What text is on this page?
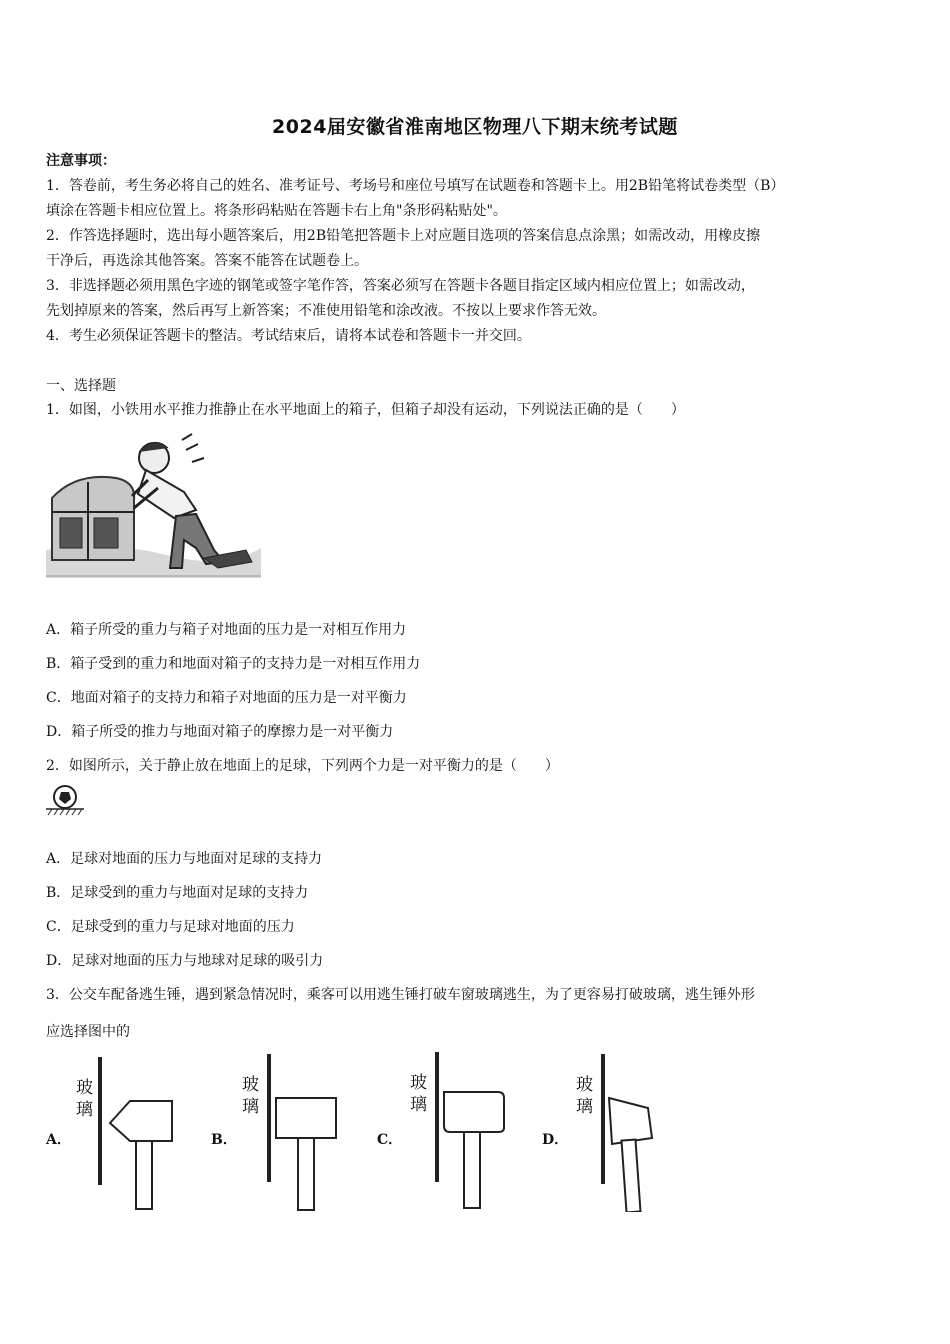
2024届安徽省淮南地区物理八下期末统考试题
注意事项：
1．答卷前，考生务必将自己的姓名、准考证号、考场号和座位号填写在试题卷和答题卡上。用2B铅笔将试卷类型（B）
填涂在答题卡相应位置上。将条形码粘贴在答题卡右上角"条形码粘贴处"。
2．作答选择题时，选出每小题答案后，用2B铅笔把答题卡上对应题目选项的答案信息点涂黑；如需改动，用橡皮擦
干净后，再选涂其他答案。答案不能答在试题卷上。
3．非选择题必须用黑色字迹的钢笔或签字笔作答，答案必须写在答题卡各题目指定区域内相应位置上；如需改动，
先划掉原来的答案，然后再写上新答案；不准使用铅笔和涂改液。不按以上要求作答无效。
4．考生必须保证答题卡的整洁。考试结束后，请将本试卷和答题卡一并交回。
一、选择题
1．如图，小铁用水平推力推静止在水平地面上的箱子，但箱子却没有运动，下列说法正确的是（　　）
A．箱子所受的重力与箱子对地面的压力是一对相互作用力
B．箱子受到的重力和地面对箱子的支持力是一对相互作用力
C．地面对箱子的支持力和箱子对地面的压力是一对平衡力
D．箱子所受的推力与地面对箱子的摩擦力是一对平衡力
2．如图所示，关于静止放在地面上的足球，下列两个力是一对平衡力的是（　　）
A．足球对地面的压力与地面对足球的支持力
B．足球受到的重力与地面对足球的支持力
C．足球受到的重力与足球对地面的压力
D．足球对地面的压力与地球对足球的吸引力
3．公交车配备逃生锤，遇到紧急情况时，乘客可以用逃生锤打破车窗玻璃逃生，为了更容易打破玻璃，逃生锤外形
应选择图中的
A．
玻
璃
B．
玻
璃
C．
玻
璃
D．
玻
璃
